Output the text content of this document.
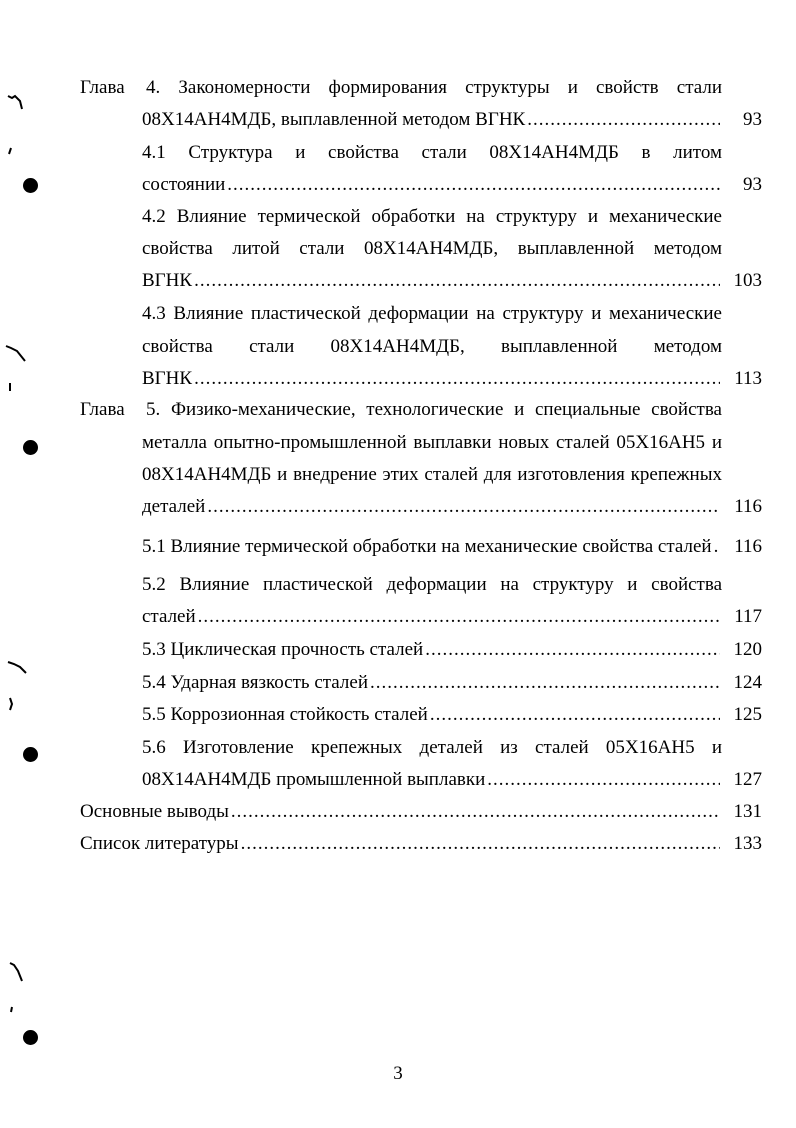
Глава 4. Закономерности формирования структуры и свойств стали
08Х14АН4МДБ, выплавленной методом ВГНК .....	93
4.1 Структура и свойства стали 08Х14АН4МДБ в литом
состоянии .....	93
4.2 Влияние термической обработки на структуру и механические
свойства литой стали 08Х14АН4МДБ, выплавленной методом
ВГНК .....	103
4.3 Влияние пластической деформации на структуру и механические
свойства стали 08Х14АН4МДБ, выплавленной методом
ВГНК .....	113
Глава 5. Физико-механические, технологические и специальные свойства
металла опытно-промышленной выплавки новых сталей 05Х16АН5 и
08Х14АН4МДБ и внедрение этих сталей для изготовления крепежных
деталей .....	116
5.1 Влияние термической обработки на механические свойства сталей .....	116
5.2 Влияние пластической деформации на структуру и свойства
сталей .....	117
5.3 Циклическая прочность сталей .....	120
5.4 Ударная вязкость сталей .....	124
5.5 Коррозионная стойкость сталей .....	125
5.6 Изготовление крепежных деталей из сталей 05Х16АН5 и
08Х14АН4МДБ промышленной выплавки .....	127
Основные выводы .....	131
Список литературы .....	133
3
